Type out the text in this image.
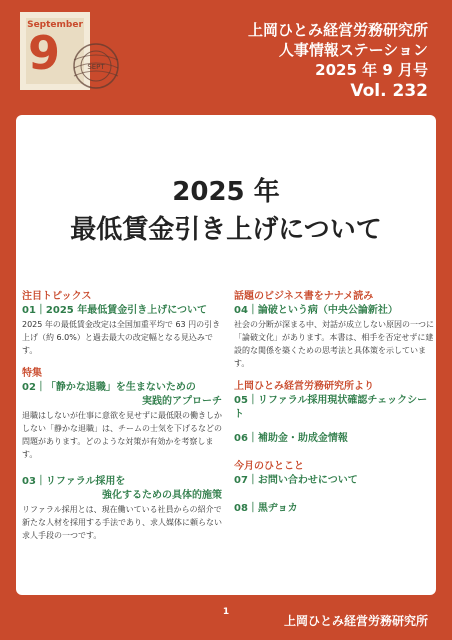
September
9	SEPT
上岡ひとみ経営労務研究所
人事情報ステーション
2025 年 9 月号
Vol. 232
2025 年
最低賃金引き上げについて
注目トピックス
01｜2025 年最低賃金引き上げについて
2025 年の最低賃金改定は全国加重平均で 63 円の引き上げ（約 6.0%）と過去最大の改定幅となる見込みです。
特集
02｜「静かな退職」を生まないための
実践的アプローチ
退職はしないが仕事に意欲を見せずに最低限の働きしかしない「静かな退職」は、チームの士気を下げるなどの問題があります。どのような対策が有効かを考察します。
03｜リファラル採用を
強化するための具体的施策
リファラル採用とは、現在働いている社員からの紹介で新たな人材を採用する手法であり、求人媒体に頼らない求人手段の一つです。
話題のビジネス書をナナメ読み
04｜論破という病（中央公論新社）
社会の分断が深まる中、対話が成立しない原因の一つに「論破文化」があります。本書は、相手を否定せずに建設的な関係を築くための思考法と具体策を示しています。
上岡ひとみ経営労務研究所より
05｜リファラル採用現状確認チェックシート
06｜補助金・助成金情報
今月のひとこと
07｜お問い合わせについて
08｜黒ヂョカ
1
上岡ひとみ経営労務研究所
